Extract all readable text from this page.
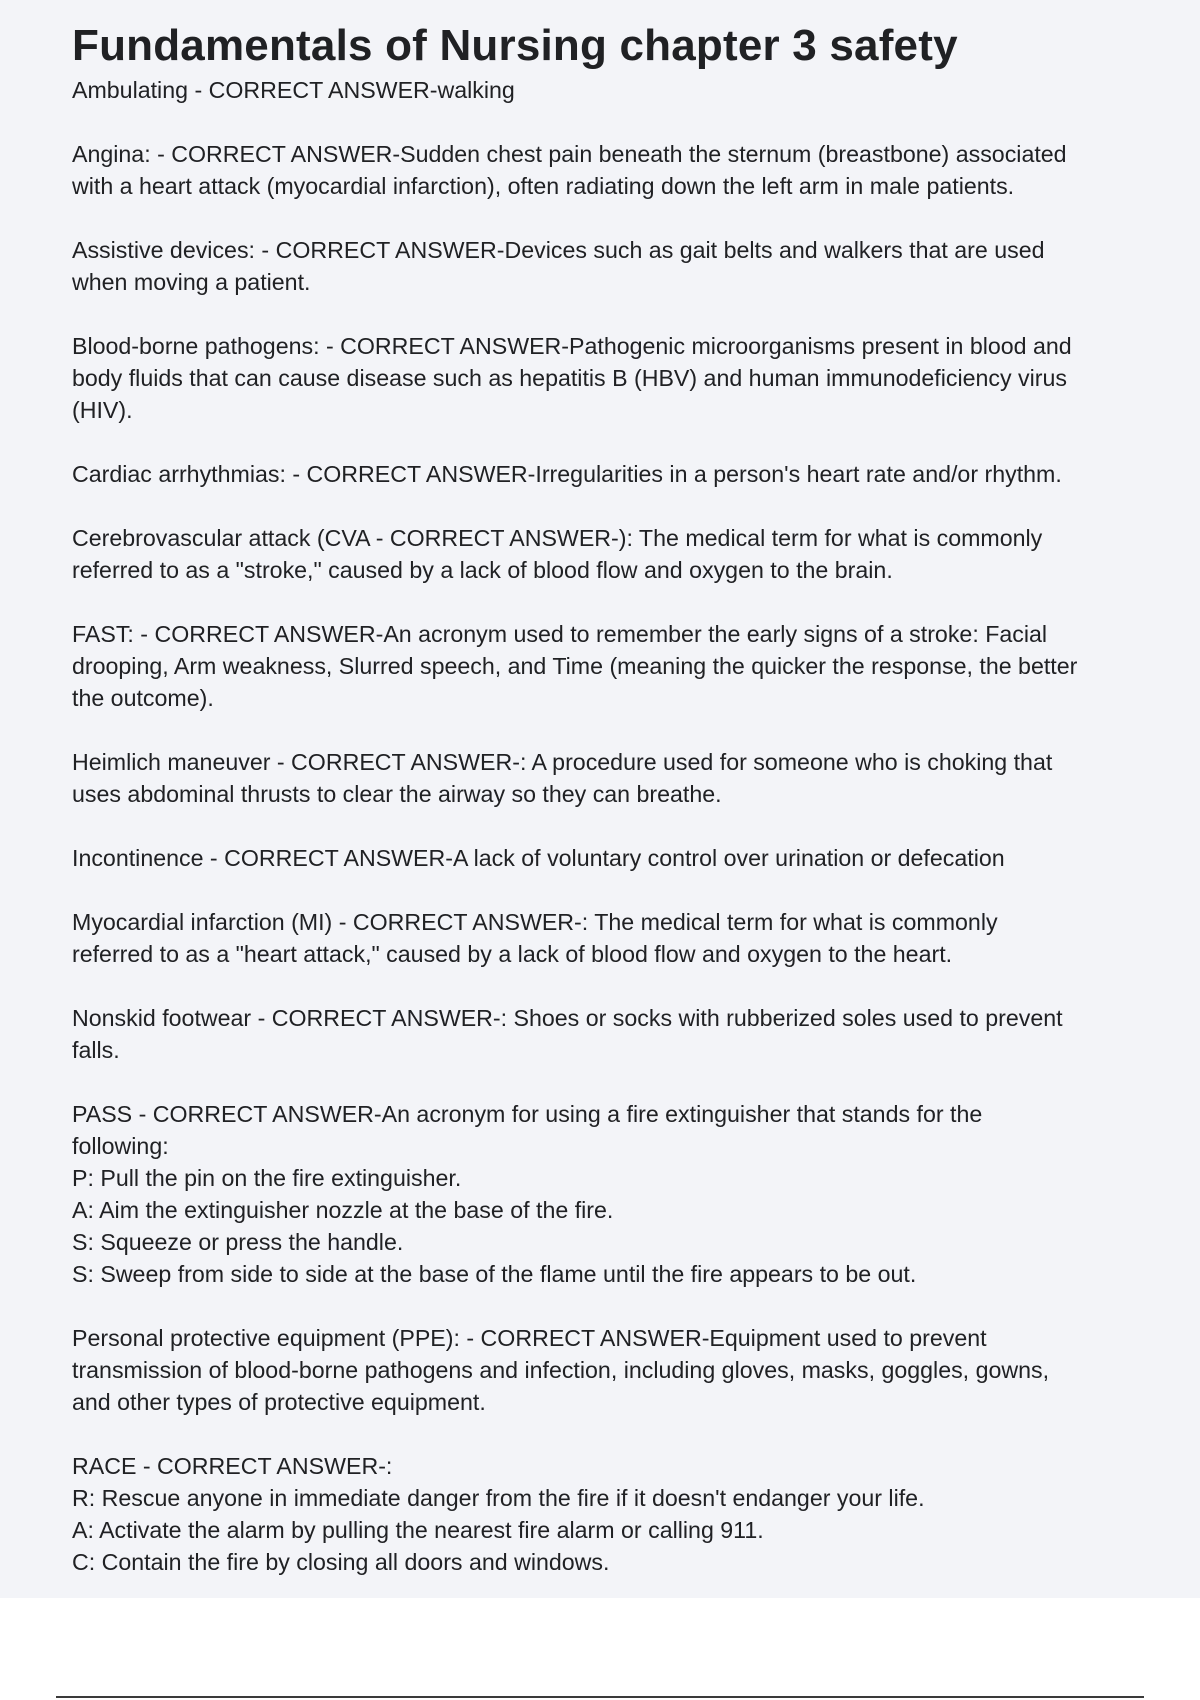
Fundamentals of Nursing chapter 3 safety

Ambulating - CORRECT ANSWER-walking

Angina: - CORRECT ANSWER-Sudden chest pain beneath the sternum (breastbone) associated
with a heart attack (myocardial infarction), often radiating down the left arm in male patients.

Assistive devices: - CORRECT ANSWER-Devices such as gait belts and walkers that are used
when moving a patient.

Blood-borne pathogens: - CORRECT ANSWER-Pathogenic microorganisms present in blood and
body fluids that can cause disease such as hepatitis B (HBV) and human immunodeficiency virus
(HIV).

Cardiac arrhythmias: - CORRECT ANSWER-Irregularities in a person's heart rate and/or rhythm.

Cerebrovascular attack (CVA - CORRECT ANSWER-): The medical term for what is commonly
referred to as a "stroke," caused by a lack of blood flow and oxygen to the brain.

FAST: - CORRECT ANSWER-An acronym used to remember the early signs of a stroke: Facial
drooping, Arm weakness, Slurred speech, and Time (meaning the quicker the response, the better
the outcome).

Heimlich maneuver - CORRECT ANSWER-: A procedure used for someone who is choking that
uses abdominal thrusts to clear the airway so they can breathe.

Incontinence - CORRECT ANSWER-A lack of voluntary control over urination or defecation

Myocardial infarction (MI) - CORRECT ANSWER-: The medical term for what is commonly
referred to as a "heart attack," caused by a lack of blood flow and oxygen to the heart.

Nonskid footwear - CORRECT ANSWER-: Shoes or socks with rubberized soles used to prevent
falls.

PASS - CORRECT ANSWER-An acronym for using a fire extinguisher that stands for the
following:
P: Pull the pin on the fire extinguisher.
A: Aim the extinguisher nozzle at the base of the fire.
S: Squeeze or press the handle.
S: Sweep from side to side at the base of the flame until the fire appears to be out.

Personal protective equipment (PPE): - CORRECT ANSWER-Equipment used to prevent
transmission of blood-borne pathogens and infection, including gloves, masks, goggles, gowns,
and other types of protective equipment.

RACE - CORRECT ANSWER-:
R: Rescue anyone in immediate danger from the fire if it doesn't endanger your life.
A: Activate the alarm by pulling the nearest fire alarm or calling 911.
C: Contain the fire by closing all doors and windows.
